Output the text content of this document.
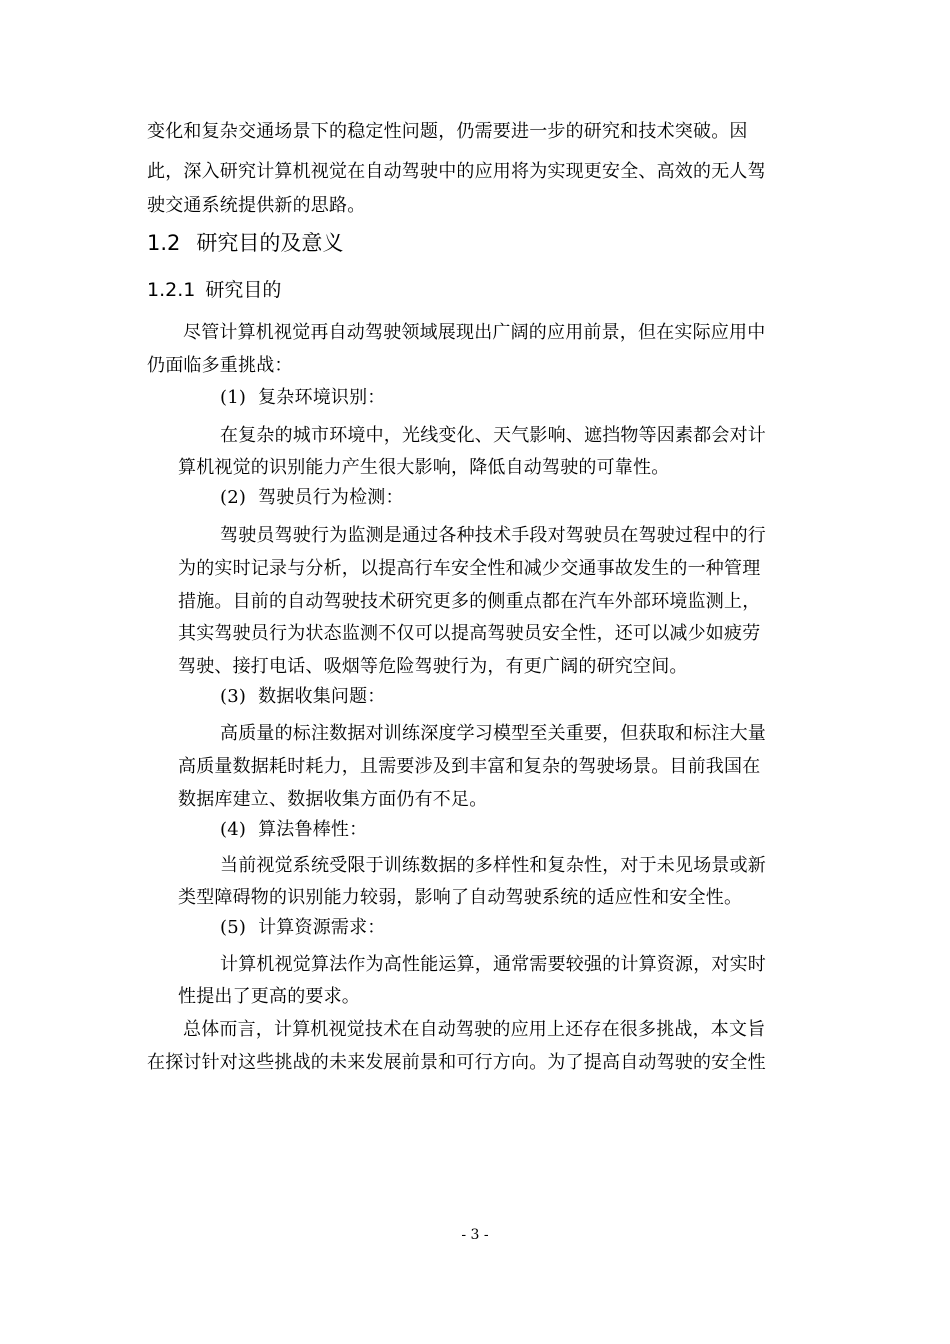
变化和复杂交通场景下的稳定性问题，仍需要进一步的研究和技术突破。因
此，深入研究计算机视觉在自动驾驶中的应用将为实现更安全、高效的无人驾
驶交通系统提供新的思路。
1.2 研究目的及意义
1.2.1 研究目的
尽管计算机视觉再自动驾驶领域展现出广阔的应用前景，但在实际应用中
仍面临多重挑战：
(1) 复杂环境识别：
在复杂的城市环境中，光线变化、天气影响、遮挡物等因素都会对计
算机视觉的识别能力产生很大影响，降低自动驾驶的可靠性。
(2) 驾驶员行为检测：
驾驶员驾驶行为监测是通过各种技术手段对驾驶员在驾驶过程中的行
为的实时记录与分析，以提高行车安全性和减少交通事故发生的一种管理
措施。目前的自动驾驶技术研究更多的侧重点都在汽车外部环境监测上，
其实驾驶员行为状态监测不仅可以提高驾驶员安全性，还可以减少如疲劳
驾驶、接打电话、吸烟等危险驾驶行为，有更广阔的研究空间。
(3) 数据收集问题：
高质量的标注数据对训练深度学习模型至关重要，但获取和标注大量
高质量数据耗时耗力，且需要涉及到丰富和复杂的驾驶场景。目前我国在
数据库建立、数据收集方面仍有不足。
(4) 算法鲁棒性：
当前视觉系统受限于训练数据的多样性和复杂性，对于未见场景或新
类型障碍物的识别能力较弱，影响了自动驾驶系统的适应性和安全性。
(5) 计算资源需求：
计算机视觉算法作为高性能运算，通常需要较强的计算资源，对实时
性提出了更高的要求。
总体而言，计算机视觉技术在自动驾驶的应用上还存在很多挑战，本文旨
在探讨针对这些挑战的未来发展前景和可行方向。为了提高自动驾驶的安全性
- 3 -
